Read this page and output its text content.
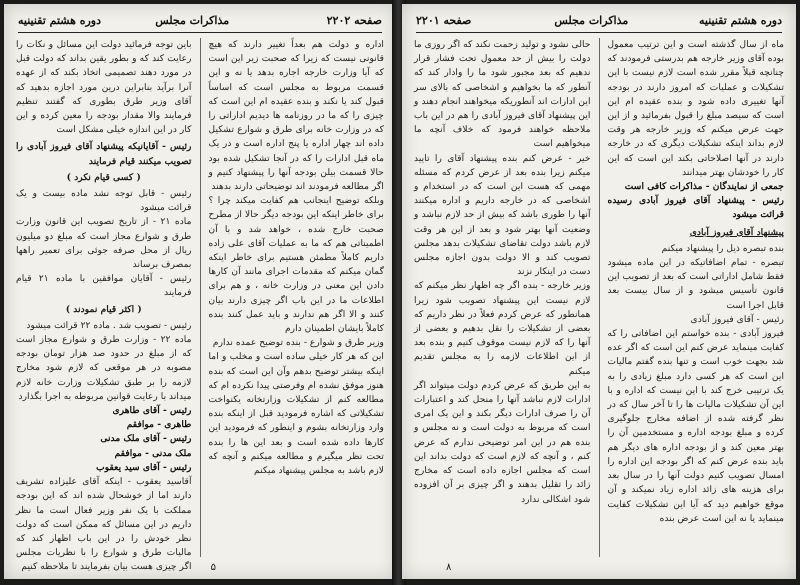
صفحه ۲۲۰۲
مذاکرات مجلس
دوره هشتم تقنینیه
اداره و دولت هم بعداً تغییر دارند که هیچ قانونی نیست که زیرا که صحبت زیر این است که آیا وزارت خارجه اجاره بدهد یا نه و این قسمت مربوط به مجلس است که اساساً قبول کند یا نکند و بنده عقیده ام این است که چیزی را که ما در روزنامه ها دیدیم اداراتی را که در وزارت خانه برای طرق و شوارع تشکیل داده اند چهار اداره یا پنج اداره است و در یک ماه قبل ادارات را که در آنجا تشکیل شده بود حالا قسمت بیلن بودجه آنها را پیشنهاد کنیم و اگر مطالعه فرمودند اند توضیحاتی دارند بدهند
وبلکه توضیح اینجانب هم کفایت میکند چرا ؟ برای خاطر اینکه این بودجه دیگر حالا از مطرح صحبت خارج شده ، خواهد شد و با آن اطمیناتی هم که ما به عملیات آقای علی زاده داریم کاملاً مطمئن هستیم برای خاطر اینکه گمان میکنم که مقدمات اجرای مانند آن کارها دادن این معنی در وزارت خانه ، و هم برای اطلاعات ما در این باب اگر چیزی دارند بیان کنند و الا اگر هم ندارند و باید عمل کنند بنده کاملاً بایشان اطمینان دارم
وزیر طرق و شوارع - بنده توضیح عمده ندارم
این که هر کار خیلی ساده است و مخلب و اما اینکه بیشتر توضیح بدهم وآن این است که بنده هنوز موفق نشده ام وفرصتی پیدا نکرده ام که مطالعه کنم از تشکیلات وزارتخانه یکنواخت تشکیلاتی که اشاره فرمودید قبل از اینکه بنده وارد وزارتخانه بشوم و اینطور که فرمودید این کارها داده شده است و بعد این ها را بنده تحت نظر میگیرم و مطالعه میکنم و آنچه که لازم باشد به مجلس پیشنهاد میکنم
باین توجه فرمائید دولت این مسائل و نکات را رعایت کند که و بطور یقین بداند که دولت قبل در مورد دهند تصمیمی اتخاذ بکند که از عهده آنرا برآید بنابراین درین مورد اجازه بدهید که آقای وزیر طرق بطوری که گفتند تنظیم فرمایند والا مقدار بودجه را معین کرده و این کار در این اندازه خیلی مشکل است
رئیس - آقایانیکه پیشنهاد آقای فیروز آبادی را تصویب میکنند قیام فرمایند
( کسی قیام نکرد )
رئیس - قابل توجه نشد ماده بیست و یک قرائت میشود
ماده ۲۱ - از تاریخ تصویب این قانون وزارت طرق و شوارع مجاز است که مبلغ دو میلیون ریال از محل صرفه جوئی برای تعمیر راهها بمصرف برساند
رئیس - آقایان موافقین با ماده ۲۱ قیام فرمایند
( اکثر قیام نمودند )
رئیس - تصویب شد . ماده ۲۲ قرائت میشود
ماده ۲۲ - وزارت طرق و شوارع مجاز است که از مبلغ در حدود صد هزار تومان بودجه مصوبه در هر موقعی که لازم شود مخارج لازمه را بر طبق تشکیلات وزارت خانه لازم میداند با رعایت قوانین مربوطه به اجرا بگذارد
رئیس - آقای طاهری
طاهری - موافقم
رئیس - آقای ملک مدنی
ملک مدنی - موافقم
رئیس - آقای سید یعقوب
آقاسید یعقوب - اینکه آقای علیزاده تشریف دارند اما از خوشحال شده اند که این بودجه مملکت با یک نفر وزیر فعال است ما نظر داریم در این مسائل که ممکن است که دولت نظر خودش را در این باب اظهار کند که مالیات طرق و شوارع را با نظریات مجلس اگر چیزی هست بیان بفرمایند تا ملاحظه کنیم ۵
دوره هشتم تقنینیه
مذاکرات مجلس
صفحه ۲۲۰۱
ماه از سال گذشته است و این ترتیب معمول بوده آقای وزیر خارجه هم بدرستی فرمودند که چنانچه قبلاً مقرر شده است لازم نیست با این تشکیلات و عملیات که امروز دارند در بودجه آنها تغییری داده شود و بنده عقیده ام این است که سیصد مبلغ را قبول بفرمائید و از این جهت عرض میکنم که وزیر خارجه هر وقت لازم بداند اینکه تشکیلات دیگری که در خارجه دارند در آنها اصلاحاتی بکند این است که این کار را خودشان بهتر میدانند
جمعی از نمایندگان - مذاکرات کافی است
رئیس - پیشنهاد آقای فیروز آبادی رسیده قرائت میشود
پیشنهاد آقای فیروز آبادی
بنده تبصره ذیل را پیشنهاد میکنم
تبصره - تمام اضافاتیکه در این ماده میشود فقط شامل اداراتی است که بعد از تصویب این قانون تأسیس میشود و از سال بیست بعد قابل اجرا است
رئیس - آقای فیروز آبادی
فیروز آبادی - بنده خواستم این اضافاتی را که کفایت مینماید عرض کنم این است که اگر عده شد بجهت خوب است و تنها بنده گفتم مالیات این است که هر کسی دارد مبلغ زیادی را به یک ترتیبی خرج کند با این نیست که اداره و با این آن تشکیلات مالیات ها را تا آخر سال که در نظر گرفته شده از اضافه مخارج جلوگیری کرده و مبلغ بودجه اداره و مستخدمین آن را بهتر معین کند و از بودجه اداره های دیگر هم باید بنده عرض کنم که اگر بودجه این اداره را امسال تصویب کنیم دولت آنها را در سال بعد برای هزینه های زائد اداره زیاد نمیکند و آن موقع خواهیم دید که آیا این تشکیلات کفایت مینماید یا نه این است عرض بنده
حالی نشود و تولید زحمت نکند که اگر روزی ما دولت را بیش از حد معمول تحت فشار قرار ندهیم که بعد مجبور شود ما را وادار کند که آنطور که ما بخواهیم و اشخاصی که بالای سر این ادارات اند آنطوریکه میخواهند انجام دهند و این پیشنهاد آقای فیروز آبادی را هم در این باب ملاحظه خواهند فرمود که خلاف آنچه ما میخواهیم است
خیر - عرض کنم بنده پیشنهاد آقای را تایید میکنم زیرا بنده بعد از عرض کردم که مسئله مهمی که هست این است که در استخدام و اشخاصی که در خارجه داریم و اداره میکنند آنها را طوری باشد که بیش از حد لازم نباشد و وضعیت آنها بهتر شود و بعد از این هر وقت لازم باشد دولت تقاضای تشکیلات بدهد مجلس تصویب کند و الا دولت بدون اجازه مجلس دست در اینکار نزند
وزیر خارجه - بنده اگر چه اظهار نظر میکنم که لازم نیست این پیشنهاد تصویب شود زیرا همانطور که عرض کردم فعلاً در نظر داریم که بعضی از تشکیلات را نقل بدهیم و بعضی از آنها را که لازم نیست موقوف کنیم و بنده بعد از این اطلاعات لازمه را به مجلس تقدیم میکنم
به این طریق که عرض کردم دولت میتواند اگر ادارات لازم نباشد آنها را منحل کند و اعتبارات آن را صرف ادارات دیگر بکند و این یک امری است که مربوط به دولت است و نه مجلس و بنده هم در این امر توضیحی ندارم که عرض کنم ، و آنچه که لازم است که دولت بداند این است که مجلس اجازه داده است که مخارج زائد را تقلیل بدهند و اگر چیزی بر آن افزوده شود اشکالی ندارد
۸
